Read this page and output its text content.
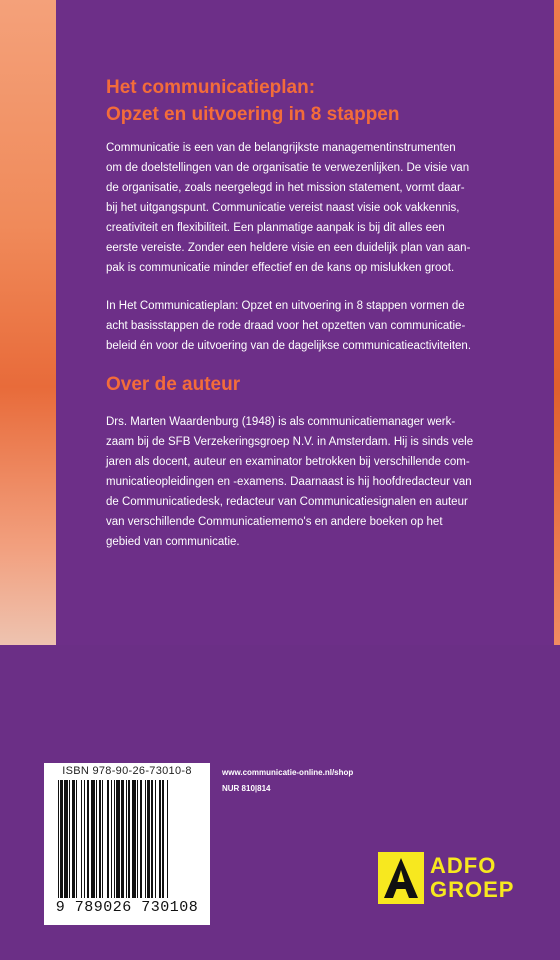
Het communicatieplan:
Opzet en uitvoering in 8 stappen

Communicatie is een van de belangrijkste managementinstrumenten
om de doelstellingen van de organisatie te verwezenlijken. De visie van
de organisatie, zoals neergelegd in het mission statement, vormt daar-
bij het uitgangspunt. Communicatie vereist naast visie ook vakkennis,
creativiteit en flexibiliteit. Een planmatige aanpak is bij dit alles een
eerste vereiste. Zonder een heldere visie en een duidelijk plan van aan-
pak is communicatie minder effectief en de kans op mislukken groot.

In Het Communicatieplan: Opzet en uitvoering in 8 stappen vormen de
acht basisstappen de rode draad voor het opzetten van communicatie-
beleid én voor de uitvoering van de dagelijkse communicatieactiviteiten.

Over de auteur

Drs. Marten Waardenburg (1948) is als communicatiemanager werk-
zaam bij de SFB Verzekeringsgroep N.V. in Amsterdam. Hij is sinds vele
jaren als docent, auteur en examinator betrokken bij verschillende com-
municatieopleidingen en -examens. Daarnaast is hij hoofdredacteur van
de Communicatiedesk, redacteur van Communicatiesignalen en auteur
van verschillende Communicatiememo's en andere boeken op het
gebied van communicatie.

ISBN 978-90-26-73010-8
9 789026 730108
www.communicatie-online.nl/shop
NUR 810|814
ADFO
GROEP
